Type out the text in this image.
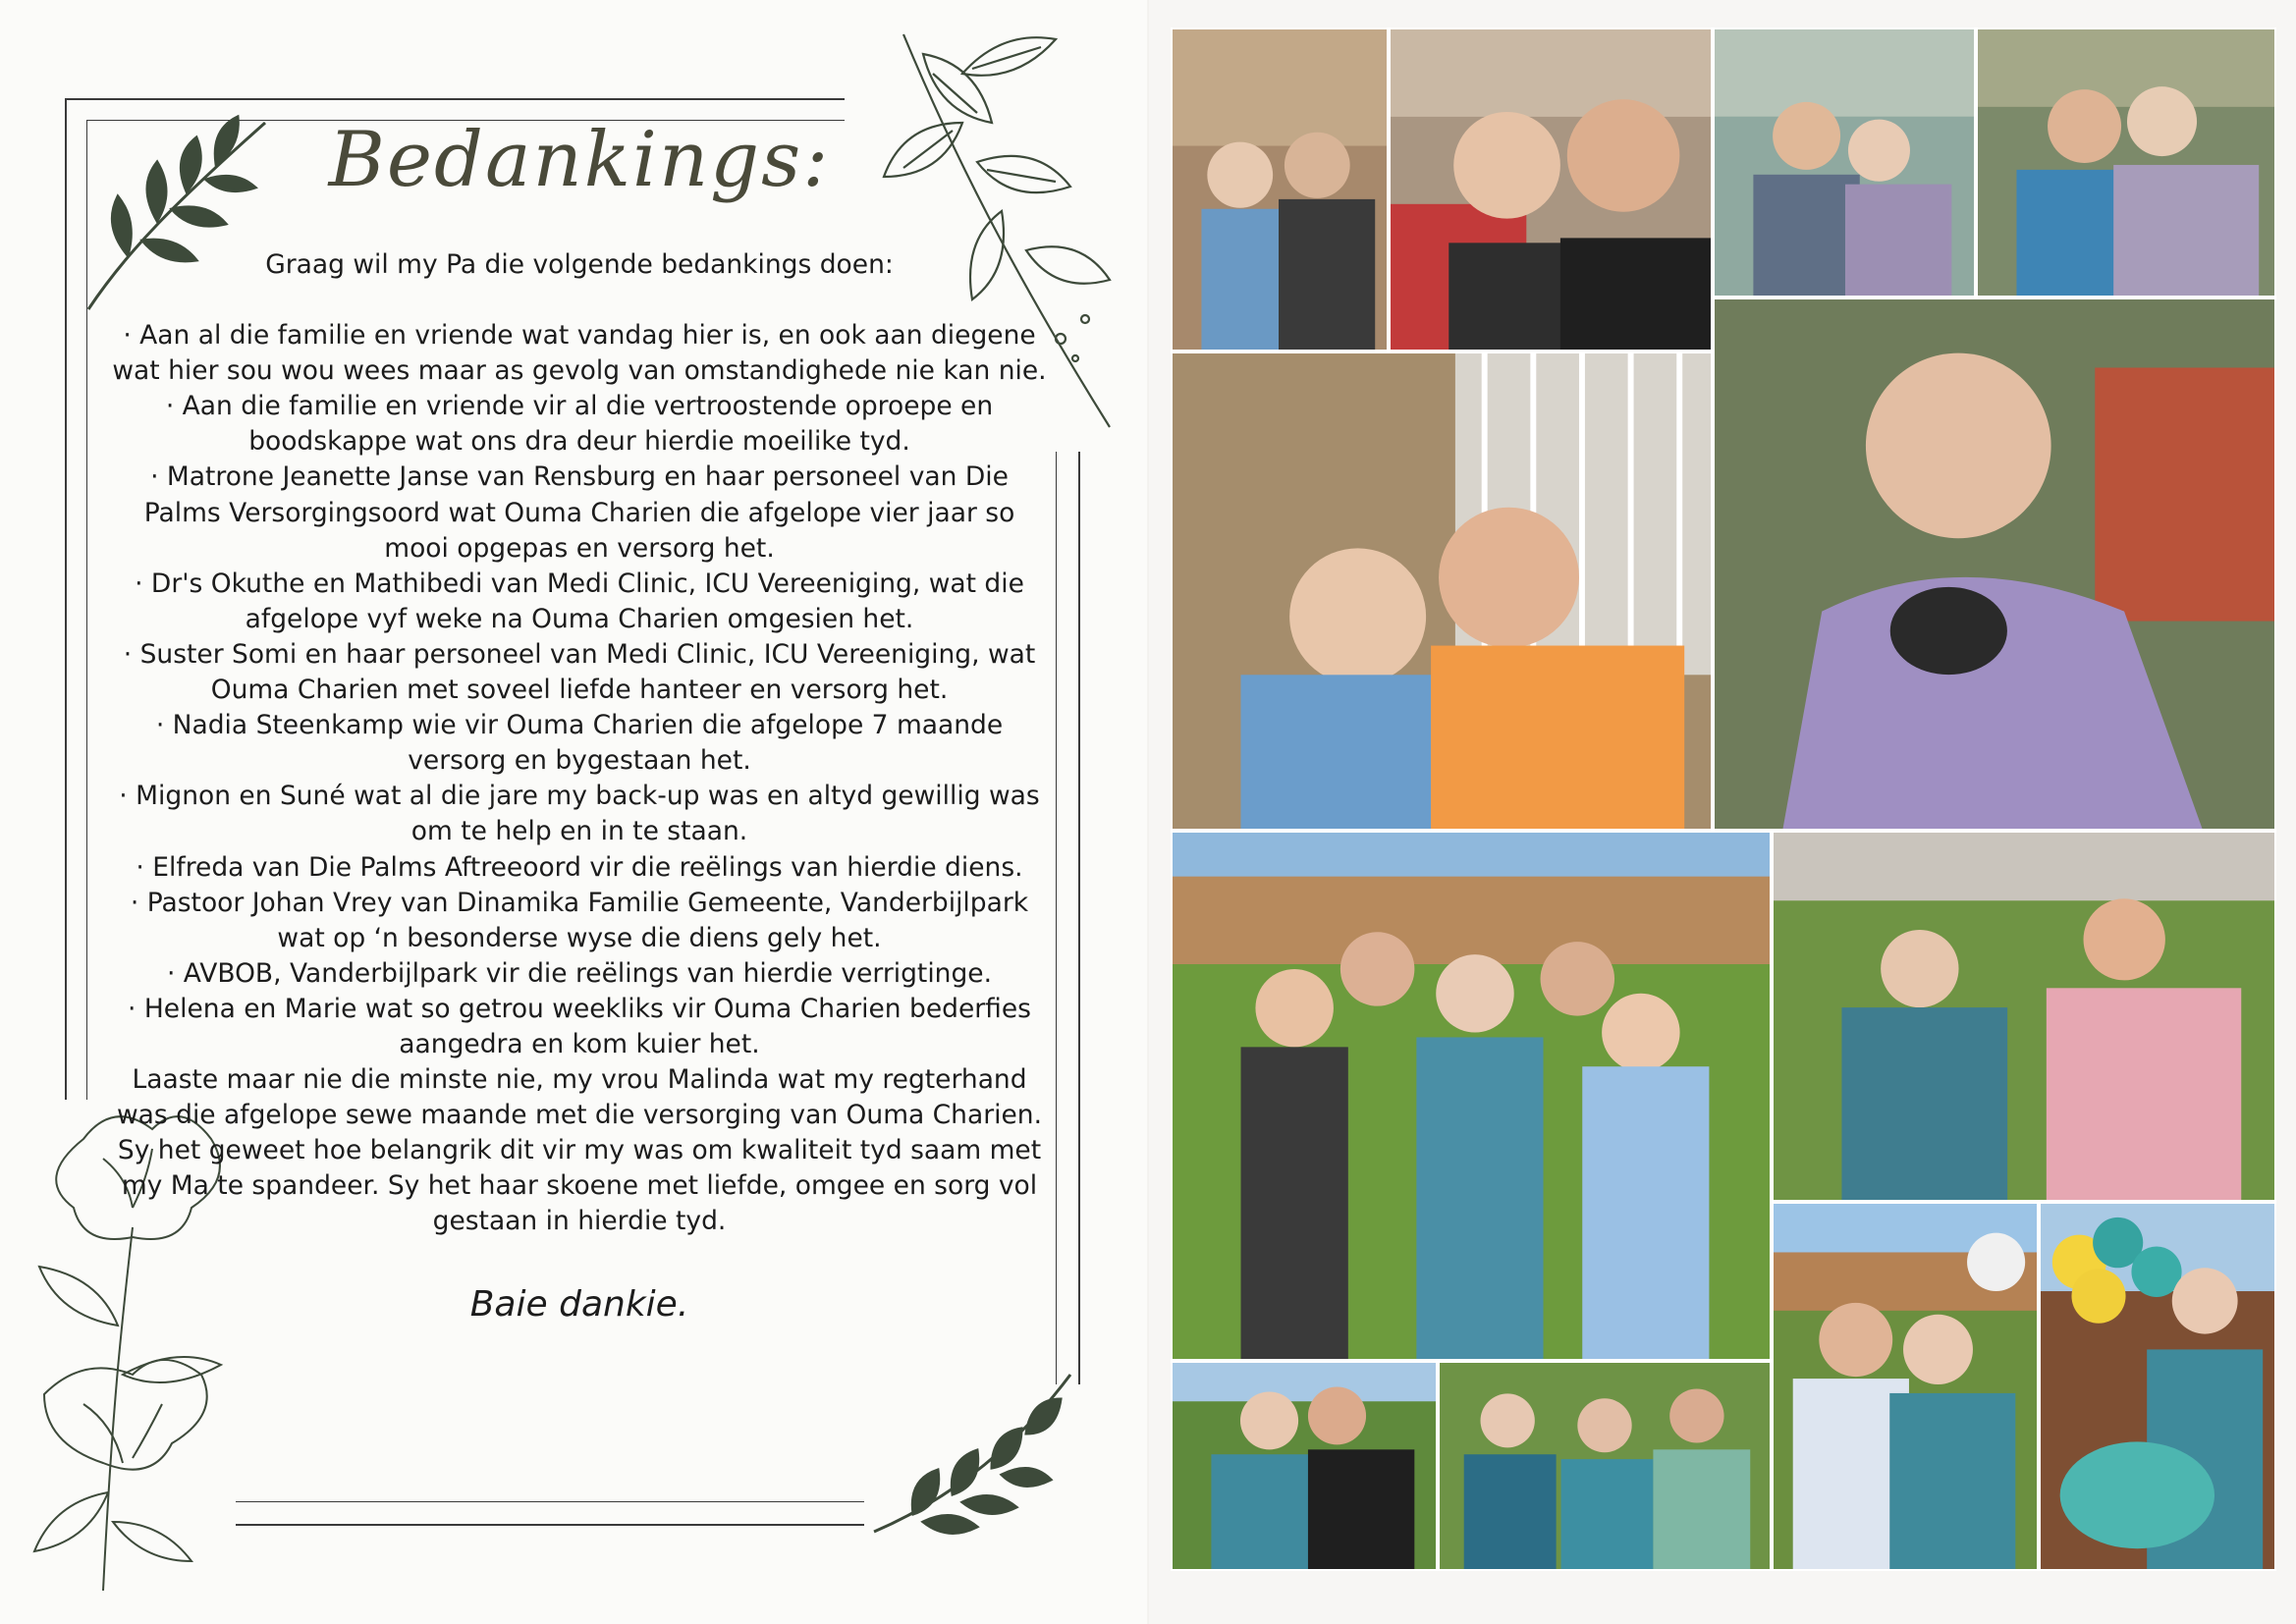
Bedankings:

Graag wil my Pa die volgende bedankings doen:

· Aan al die familie en vriende wat vandag hier is, en ook aan diegene wat hier sou wou wees maar as gevolg van omstandighede nie kan nie.

· Aan die familie en vriende vir al die vertroostende oproepe en boodskappe wat ons dra deur hierdie moeilike tyd.

· Matrone Jeanette Janse van Rensburg en haar personeel van Die Palms Versorgingsoord wat Ouma Charien die afgelope vier jaar so mooi opgepas en versorg het.

· Dr's Okuthe en Mathibedi van Medi Clinic, ICU Vereeniging, wat die afgelope vyf weke na Ouma Charien omgesien het.

· Suster Somi en haar personeel van Medi Clinic, ICU Vereeniging, wat Ouma Charien met soveel liefde hanteer en versorg het.

· Nadia Steenkamp wie vir Ouma Charien die afgelope 7 maande versorg en bygestaan het.

· Mignon en Suné wat al die jare my back-up was en altyd gewillig was om te help en in te staan.

· Elfreda van Die Palms Aftreeoord vir die reëlings van hierdie diens.

· Pastoor Johan Vrey van Dinamika Familie Gemeente, Vanderbijlpark wat op ‘n besonderse wyse die diens gely het.

· AVBOB, Vanderbijlpark vir die reëlings van hierdie verrigtinge.

· Helena en Marie wat so getrou weekliks vir Ouma Charien bederfies aangedra en kom kuier het.

Laaste maar nie die minste nie, my vrou Malinda wat my regterhand was die afgelope sewe maande met die versorging van Ouma Charien.

Sy het geweet hoe belangrik dit vir my was om kwaliteit tyd saam met my Ma te spandeer. Sy het haar skoene met liefde, omgee en sorg vol gestaan in hierdie tyd.

Baie dankie.
